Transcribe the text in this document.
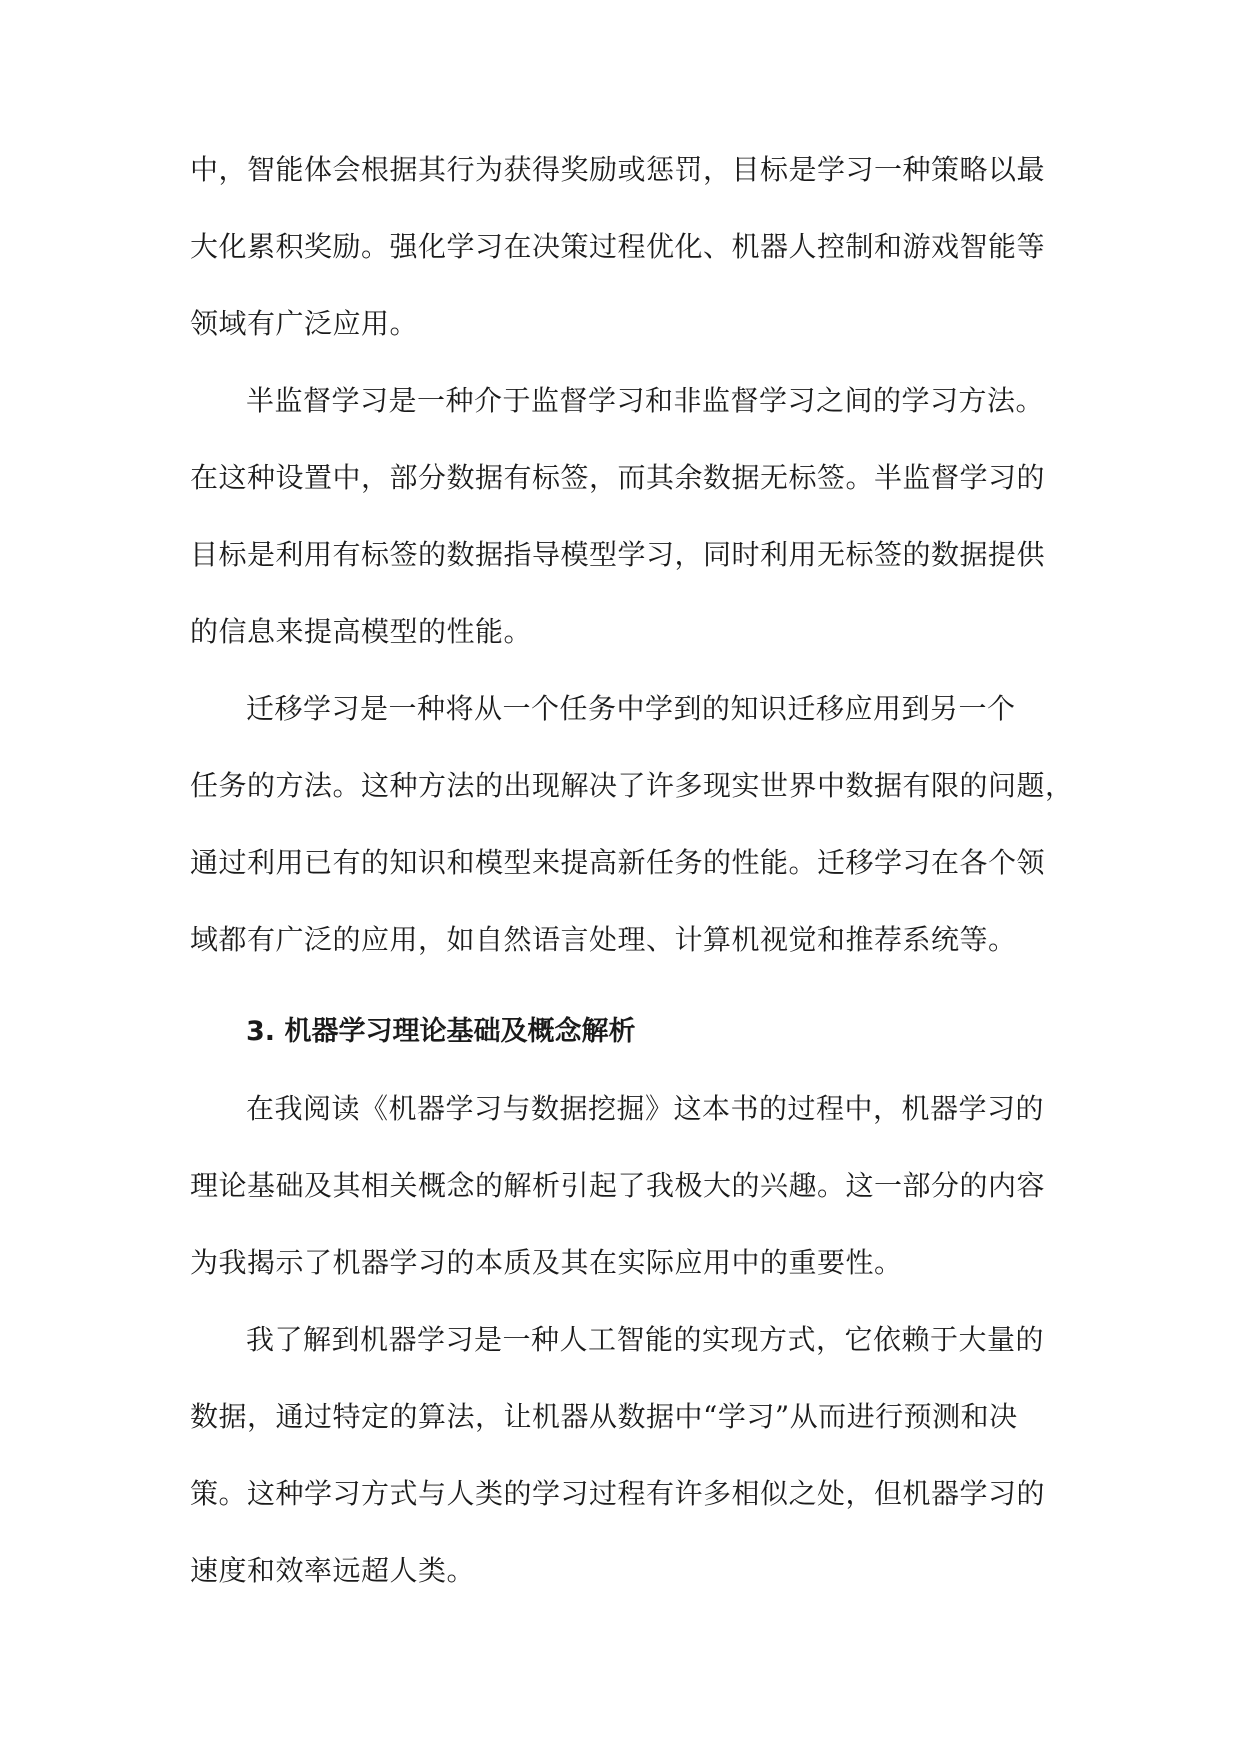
中，智能体会根据其行为获得奖励或惩罚，目标是学习一种策略以最
大化累积奖励。强化学习在决策过程优化、机器人控制和游戏智能等
领域有广泛应用。
半监督学习是一种介于监督学习和非监督学习之间的学习方法。
在这种设置中，部分数据有标签，而其余数据无标签。半监督学习的
目标是利用有标签的数据指导模型学习，同时利用无标签的数据提供
的信息来提高模型的性能。
迁移学习是一种将从一个任务中学到的知识迁移应用到另一个
任务的方法。这种方法的出现解决了许多现实世界中数据有限的问题，
通过利用已有的知识和模型来提高新任务的性能。迁移学习在各个领
域都有广泛的应用，如自然语言处理、计算机视觉和推荐系统等。
3. 机器学习理论基础及概念解析
在我阅读《机器学习与数据挖掘》这本书的过程中，机器学习的
理论基础及其相关概念的解析引起了我极大的兴趣。这一部分的内容
为我揭示了机器学习的本质及其在实际应用中的重要性。
我了解到机器学习是一种人工智能的实现方式，它依赖于大量的
数据，通过特定的算法，让机器从数据中“学习”从而进行预测和决
策。这种学习方式与人类的学习过程有许多相似之处，但机器学习的
速度和效率远超人类。
